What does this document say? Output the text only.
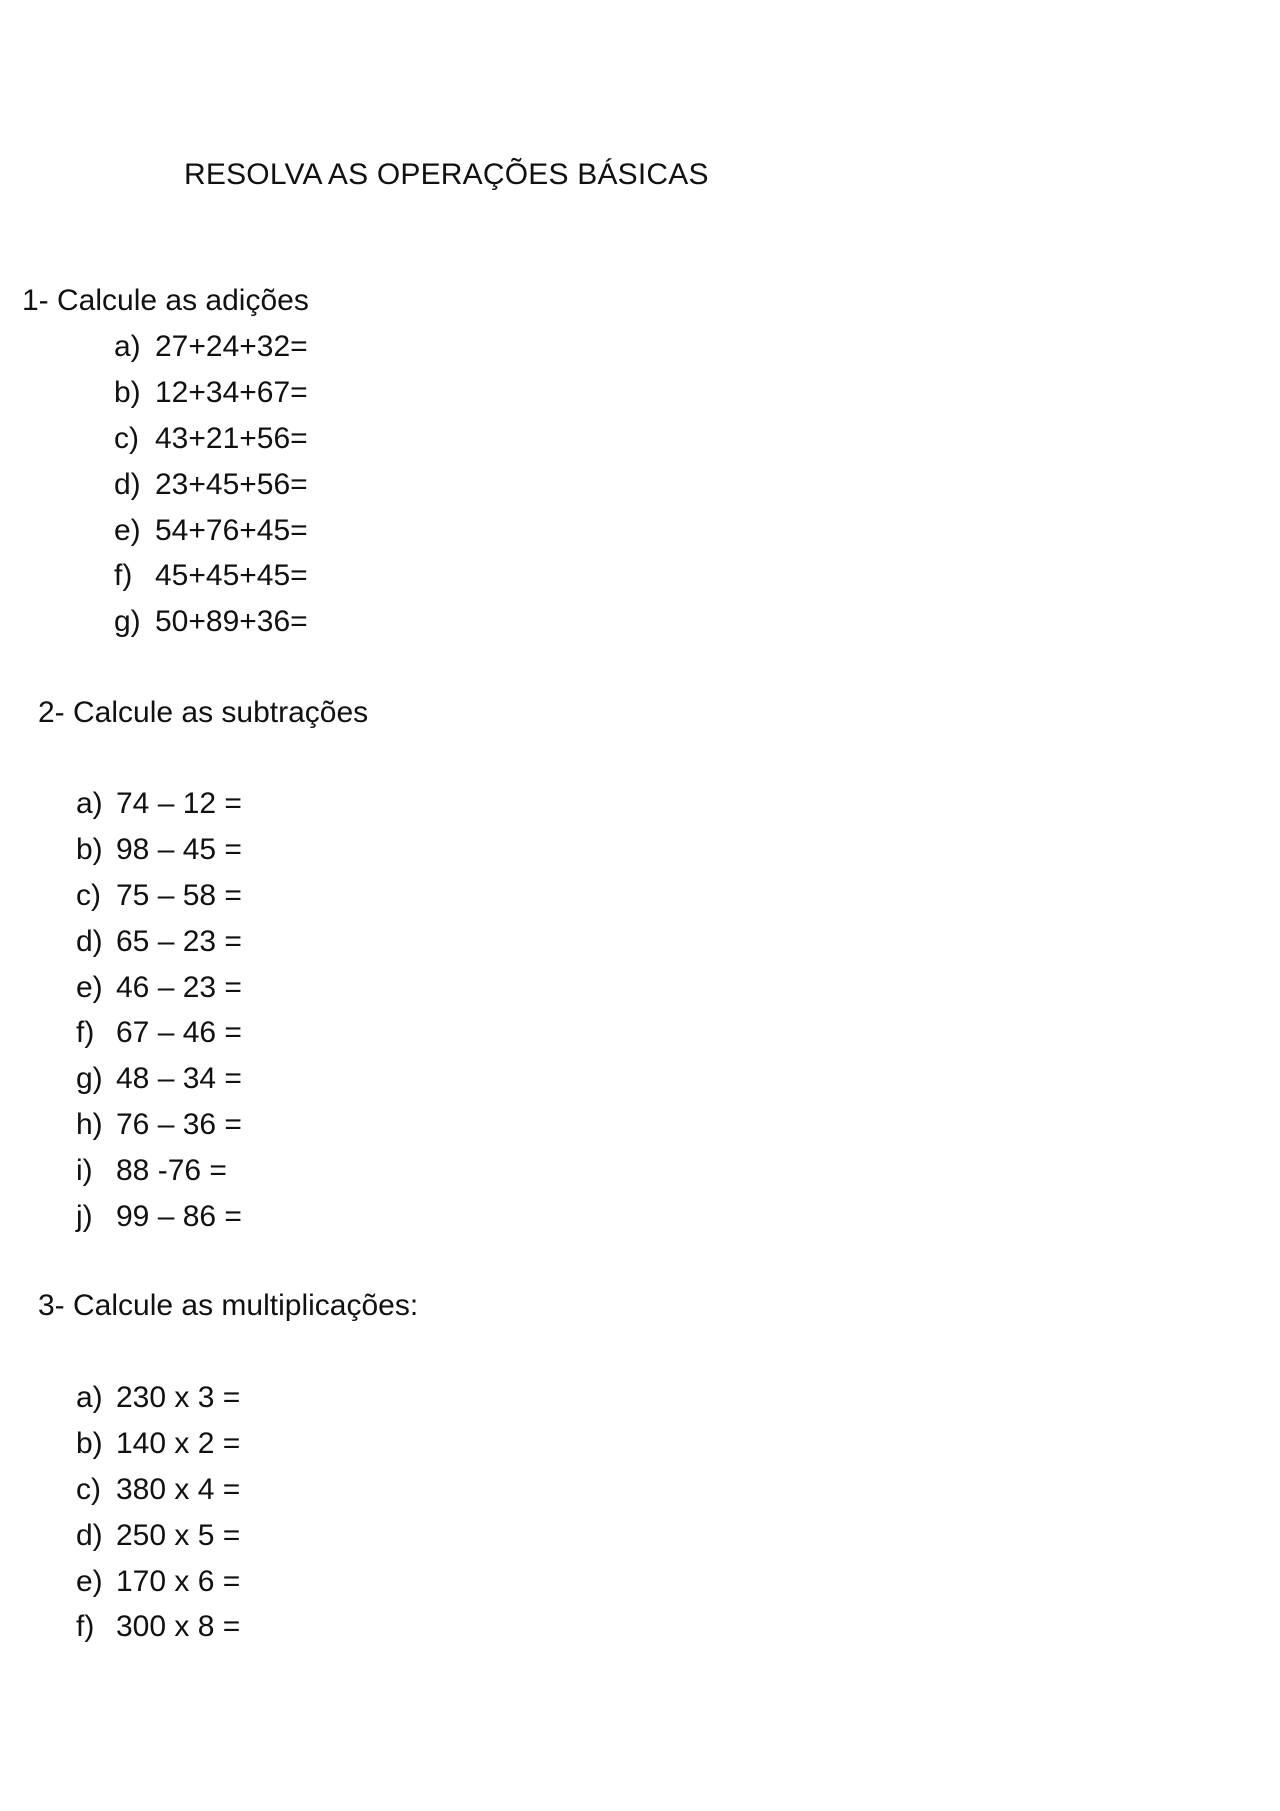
RESOLVA AS OPERAÇÕES BÁSICAS
1- Calcule as adições
a) 27+24+32=
b) 12+34+67=
c) 43+21+56=
d) 23+45+56=
e) 54+76+45=
f) 45+45+45=
g) 50+89+36=
2- Calcule as subtrações
a) 74 – 12 =
b) 98 – 45 =
c) 75 – 58 =
d) 65 – 23 =
e) 46 – 23 =
f) 67 – 46 =
g) 48 – 34 =
h) 76 – 36 =
i) 88 -76 =
j) 99 – 86 =
3- Calcule as multiplicações:
a) 230 x 3 =
b) 140 x 2 =
c) 380 x 4 =
d) 250 x 5 =
e) 170 x 6 =
f) 300 x 8 =
